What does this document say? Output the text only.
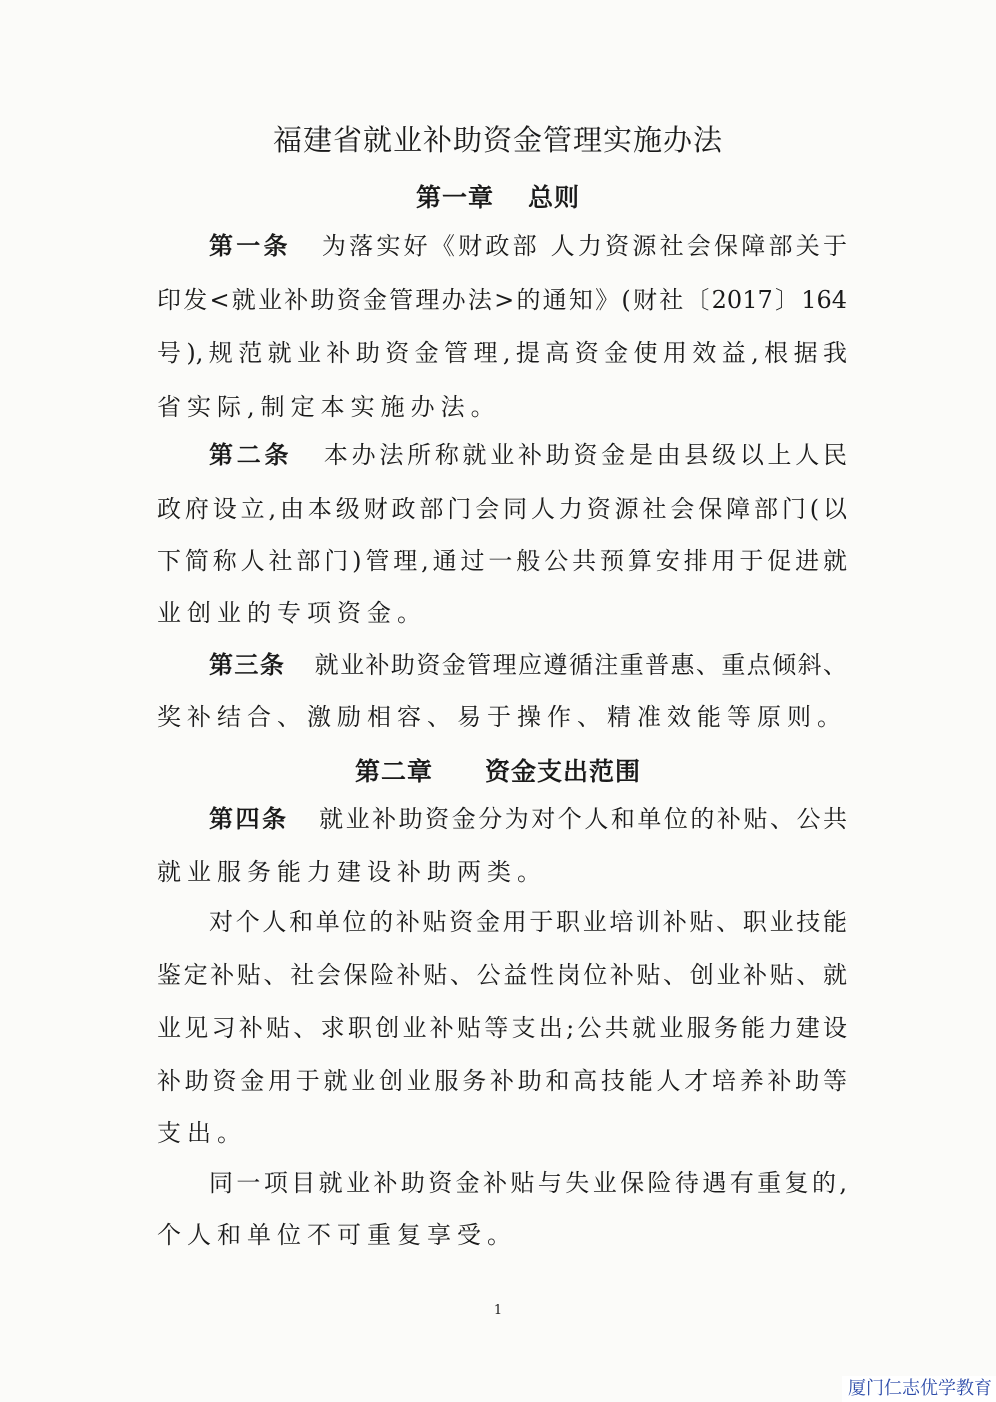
福建省就业补助资金管理实施办法
第一章 总则
第一条 为落实好《财政部 人力资源社会保障部关于
印发<就业补助资金管理办法>的通知》(财社〔2017〕164
号),规范就业补助资金管理,提高资金使用效益,根据我
省实际,制定本实施办法。
第二条 本办法所称就业补助资金是由县级以上人民
政府设立,由本级财政部门会同人力资源社会保障部门(以
下简称人社部门)管理,通过一般公共预算安排用于促进就
业创业的专项资金。
第三条 就业补助资金管理应遵循注重普惠、重点倾斜、
奖补结合、激励相容、易于操作、精准效能等原则。
第二章 资金支出范围
第四条 就业补助资金分为对个人和单位的补贴、公共
就业服务能力建设补助两类。
对个人和单位的补贴资金用于职业培训补贴、职业技能
鉴定补贴、社会保险补贴、公益性岗位补贴、创业补贴、就
业见习补贴、求职创业补贴等支出;公共就业服务能力建设
补助资金用于就业创业服务补助和高技能人才培养补助等
支出。
同一项目就业补助资金补贴与失业保险待遇有重复的,
个人和单位不可重复享受。
1
厦门仁志优学教育
